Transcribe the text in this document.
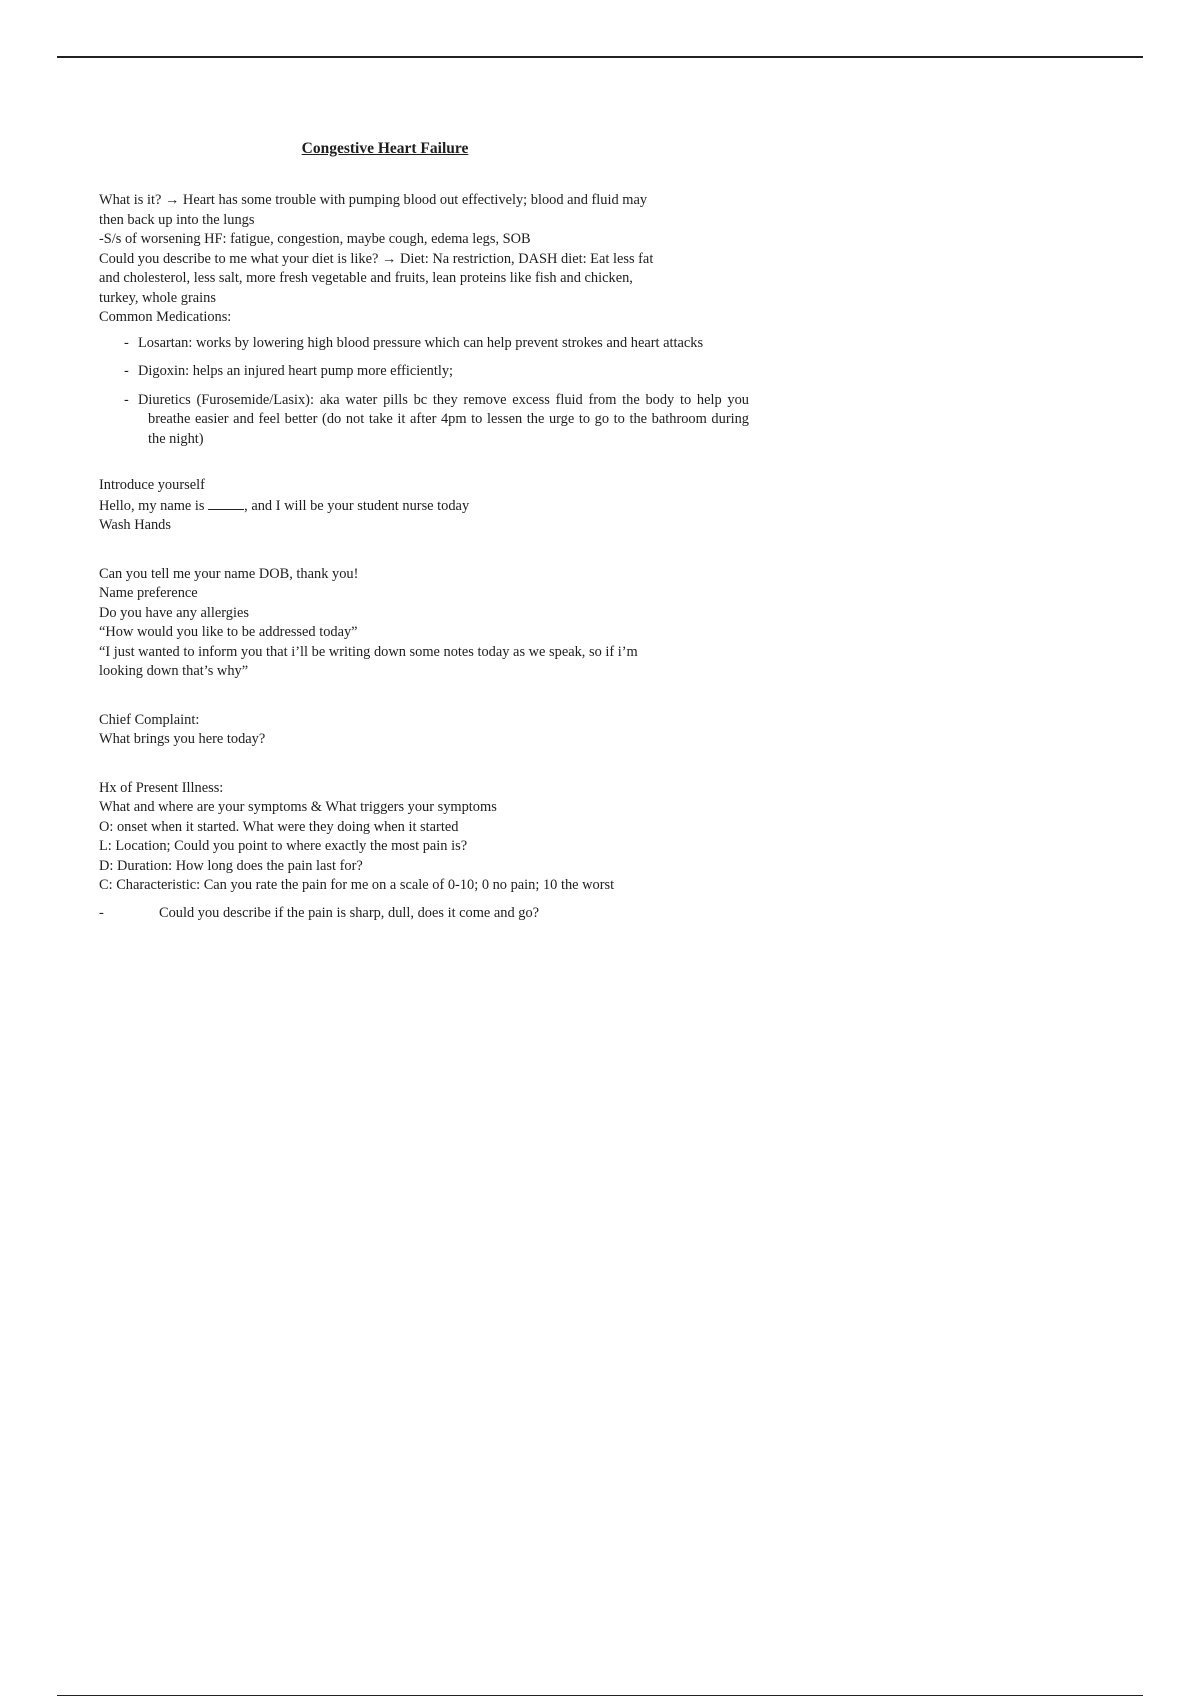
Congestive Heart Failure
What is it? → Heart has some trouble with pumping blood out effectively; blood and fluid may
then back up into the lungs
-S/s of worsening HF: fatigue, congestion, maybe cough, edema legs, SOB
Could you describe to me what your diet is like? → Diet: Na restriction, DASH diet: Eat less fat
and cholesterol, less salt, more fresh vegetable and fruits, lean proteins like fish and chicken,
turkey, whole grains
Common Medications:
- Losartan: works by lowering high blood pressure which can help prevent strokes and heart attacks
- Digoxin: helps an injured heart pump more efficiently;
- Diuretics (Furosemide/Lasix): aka water pills bc they remove excess fluid from the body to help you breathe easier and feel better (do not take it after 4pm to lessen the urge to go to the bathroom during the night)
Introduce yourself
Hello, my name is	, and I will be your student nurse today
Wash Hands
Can you tell me your name DOB, thank you!
Name preference
Do you have any allergies
“How would you like to be addressed today”
“I just wanted to inform you that i’ll be writing down some notes today as we speak, so if i’m
looking down that’s why”
Chief Complaint:
What brings you here today?
Hx of Present Illness:
What and where are your symptoms & What triggers your symptoms
O: onset when it started. What were they doing when it started
L: Location; Could you point to where exactly the most pain is?
D: Duration: How long does the pain last for?
C: Characteristic: Can you rate the pain for me on a scale of 0-10; 0 no pain; 10 the worst
-	Could you describe if the pain is sharp, dull, does it come and go?
